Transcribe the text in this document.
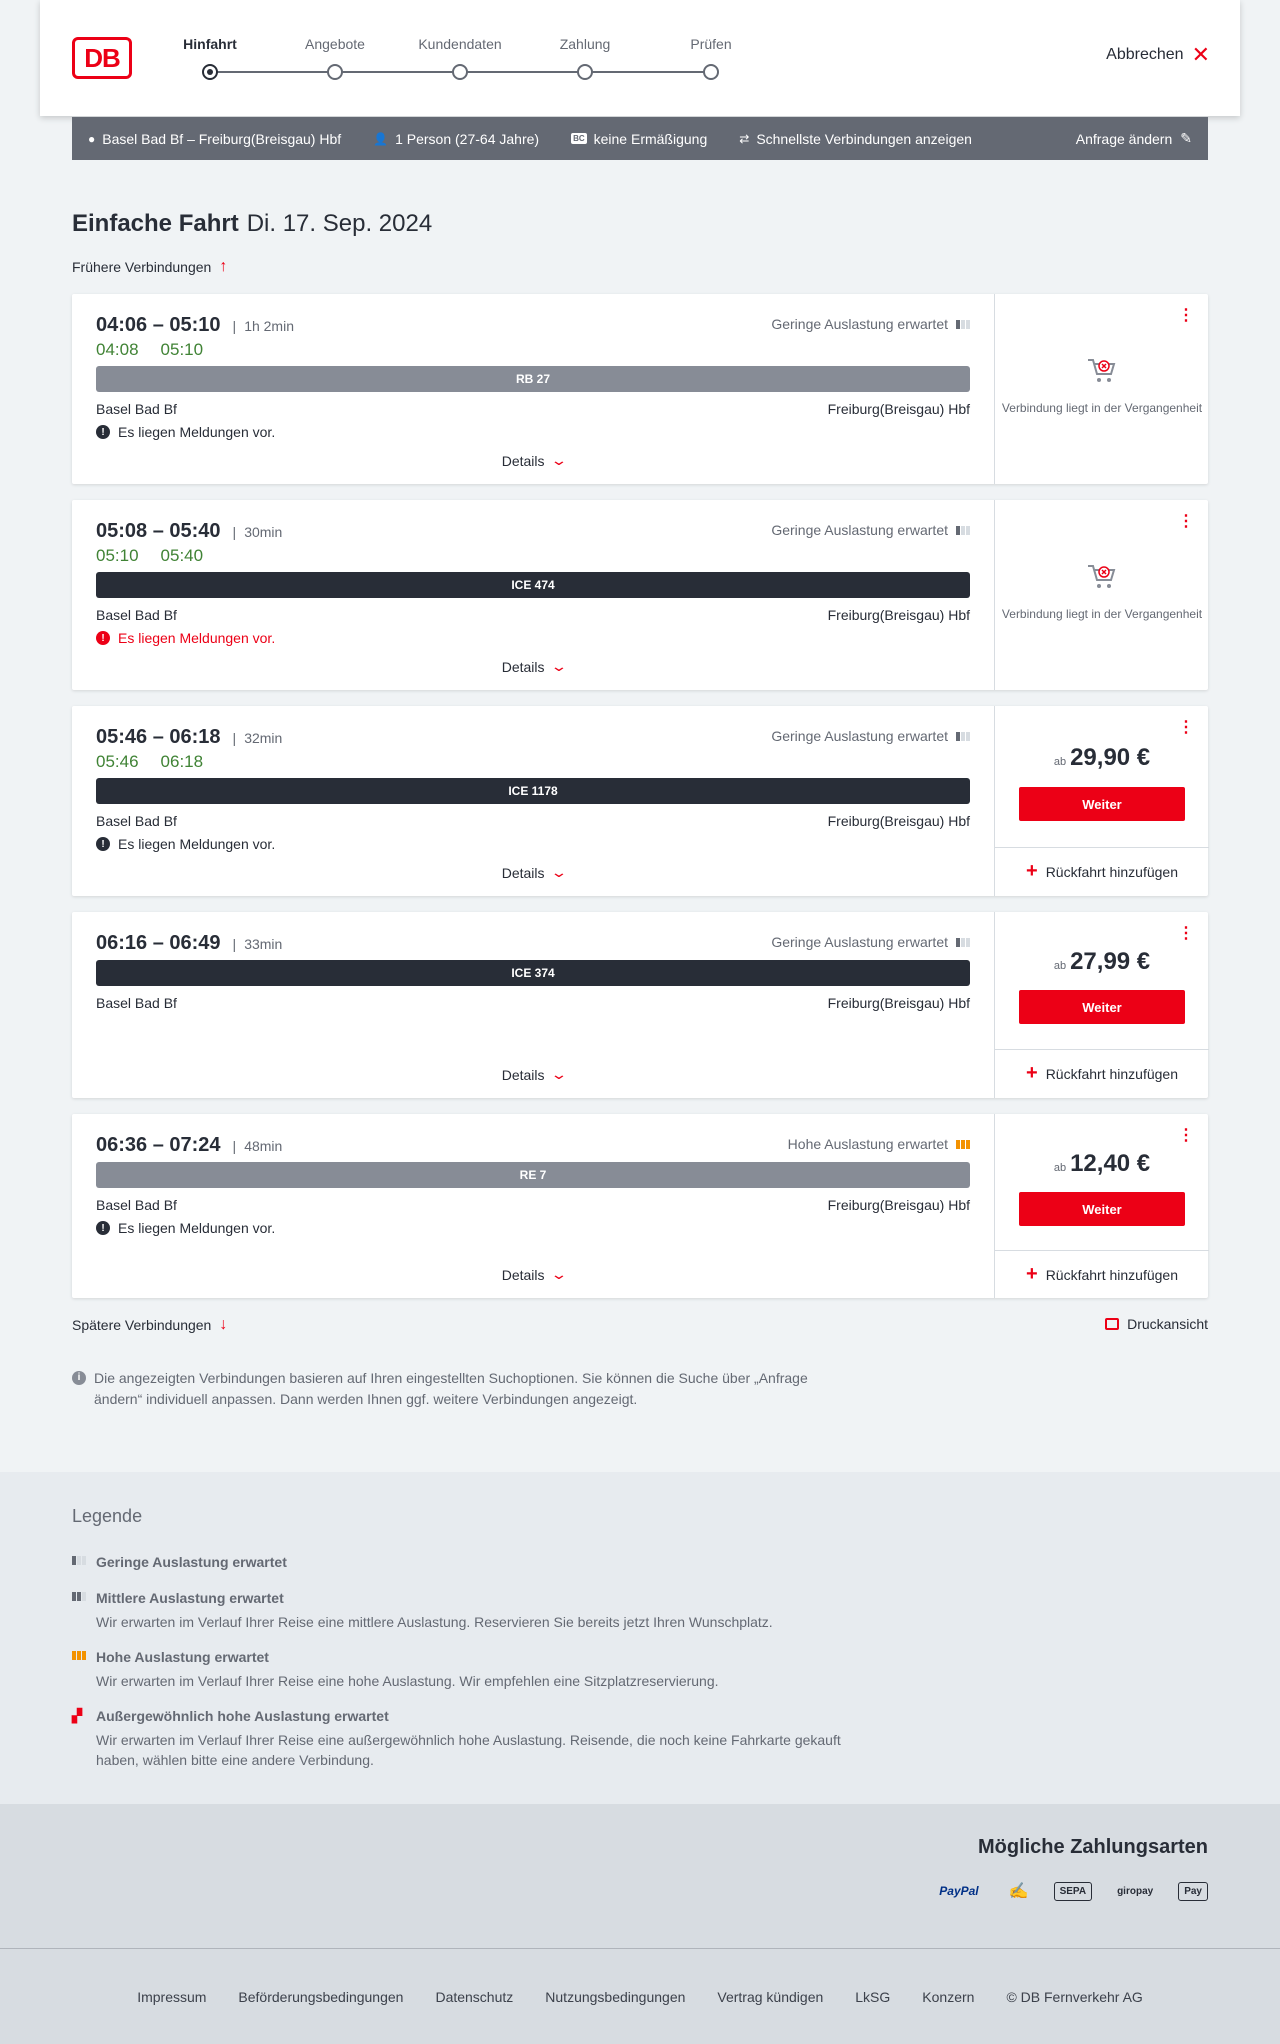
DB	Hinfahrt	Angebote	Kundendaten	Zahlung	Prüfen
Abbrechen ✕
● Basel Bad Bf – Freiburg(Breisgau) Hbf	👤 1 Person (27-64 Jahre)	BC keine Ermäßigung	⇄ Schnellste Verbindungen anzeigen	Anfrage ändern ✎
Einfache Fahrt Di. 17. Sep. 2024
Frühere Verbindungen ↑
04:06 – 05:10 | 1h 2min
04:08 05:10
Geringe Auslastung erwartet
RB 27
Basel Bad Bf	Freiburg(Breisgau) Hbf
! Es liegen Meldungen vor.
Details ⌄
⋮
Verbindung liegt in der Vergangenheit
05:08 – 05:40 | 30min
05:10 05:40
Geringe Auslastung erwartet
ICE 474
Basel Bad Bf	Freiburg(Breisgau) Hbf
! Es liegen Meldungen vor.
Details ⌄
⋮
Verbindung liegt in der Vergangenheit
05:46 – 06:18 | 32min
05:46 06:18
Geringe Auslastung erwartet
ICE 1178
Basel Bad Bf	Freiburg(Breisgau) Hbf
! Es liegen Meldungen vor.
Details ⌄
⋮
ab 29,90 €
Weiter
+ Rückfahrt hinzufügen
06:16 – 06:49 | 33min	Geringe Auslastung erwartet
ICE 374
Basel Bad Bf	Freiburg(Breisgau) Hbf
Details ⌄
⋮
ab 27,99 €
Weiter
+ Rückfahrt hinzufügen
06:36 – 07:24 | 48min	Hohe Auslastung erwartet
RE 7
Basel Bad Bf	Freiburg(Breisgau) Hbf
! Es liegen Meldungen vor.
Details ⌄
⋮
ab 12,40 €
Weiter
+ Rückfahrt hinzufügen
Spätere Verbindungen ↓	Druckansicht
i Die angezeigten Verbindungen basieren auf Ihren eingestellten Suchoptionen. Sie können die Suche über „Anfrage ändern“ individuell anpassen. Dann werden Ihnen ggf. weitere Verbindungen angezeigt.
Legende
Geringe Auslastung erwartet
Mittlere Auslastung erwartet
Wir erwarten im Verlauf Ihrer Reise eine mittlere Auslastung. Reservieren Sie bereits jetzt Ihren Wunschplatz.
Hohe Auslastung erwartet
Wir erwarten im Verlauf Ihrer Reise eine hohe Auslastung. Wir empfehlen eine Sitzplatzreservierung.
▞ Außergewöhnlich hohe Auslastung erwartet
Wir erwarten im Verlauf Ihrer Reise eine außergewöhnlich hohe Auslastung. Reisende, die noch keine Fahrkarte gekauft haben, wählen bitte eine andere Verbindung.
Mögliche Zahlungsarten
PayPal	✍	SEPA	giropay	Pay
Impressum Beförderungsbedingungen Datenschutz Nutzungsbedingungen Vertrag kündigen LkSG Konzern © DB Fernverkehr AG
